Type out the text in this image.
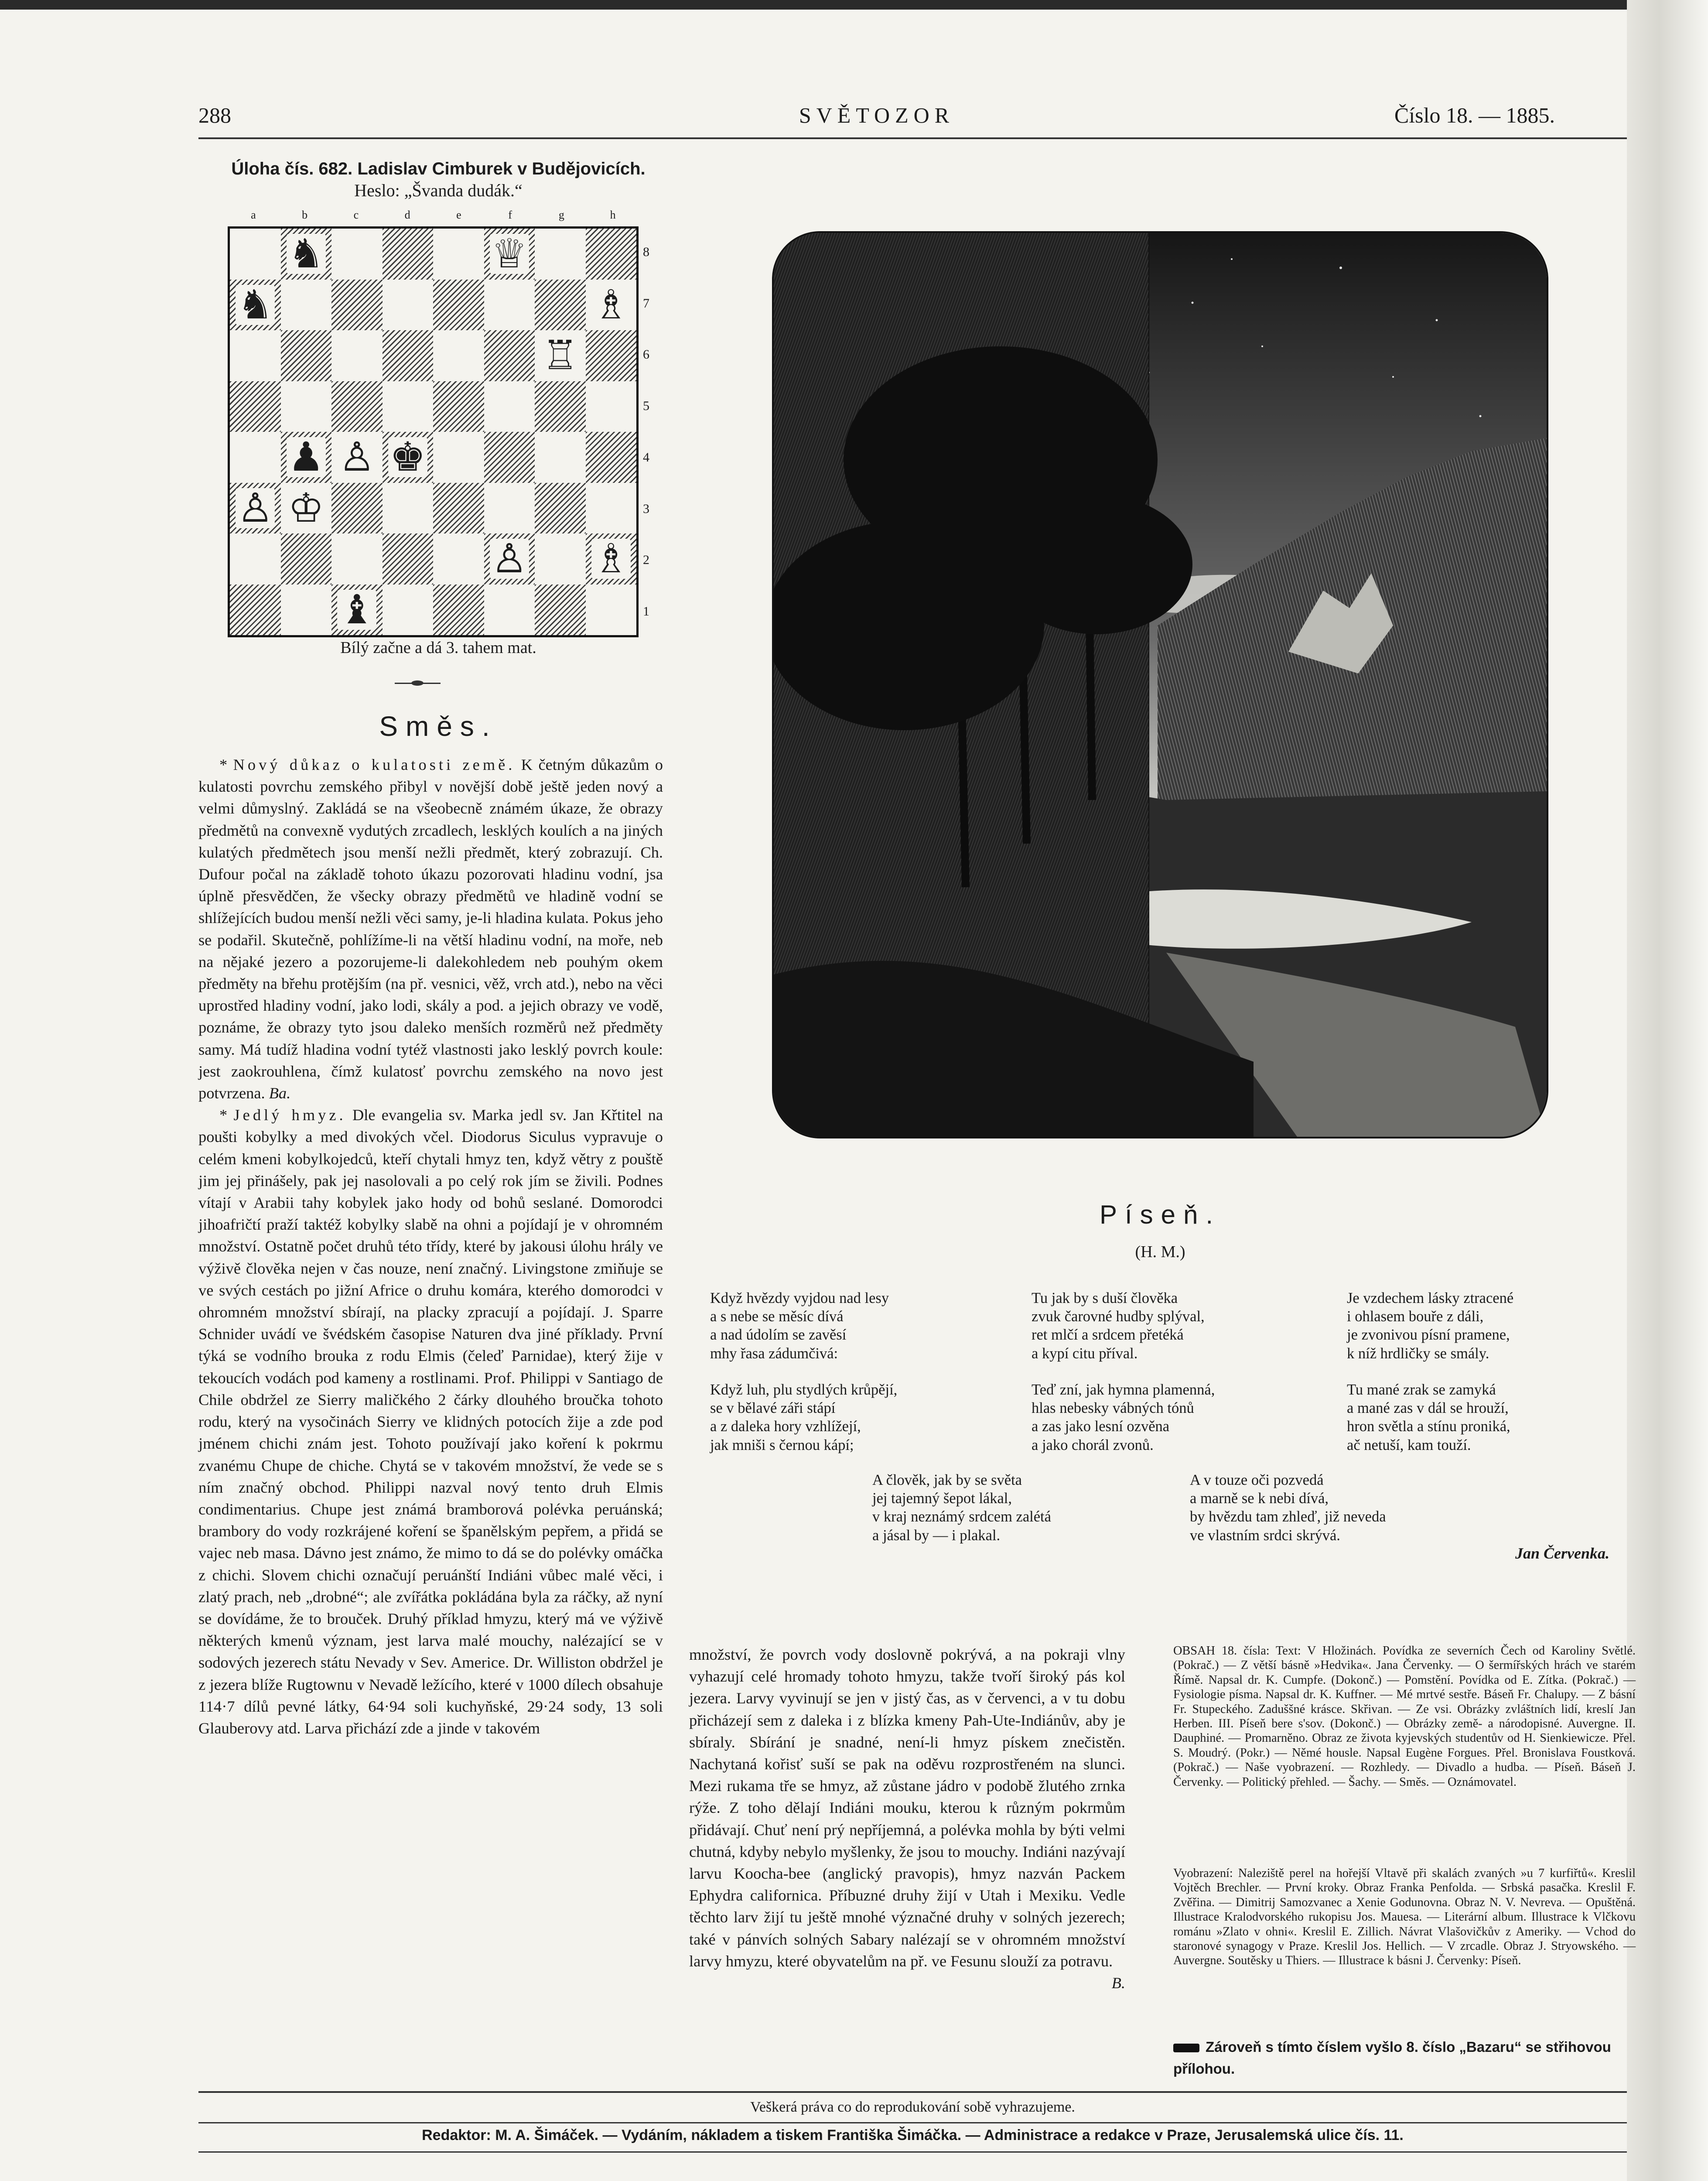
288	SVĚTOZOR	Číslo 18. — 1885.
Úloha čís. 682. Ladislav Cimburek v Budějovicích.
Heslo: „Švanda dudák.“
a	b	c	d	e	f	g	h
♞	♕
♞	♗
♖
♟ ♙ ♚
♙ ♔
♙ ♗
♝
8
7
6
5
4
3
2
1
Bílý začne a dá 3. tahem mat.
Směs.

* Nový důkaz o kulatosti země. K četným důkazům o kulatosti povrchu zemského přibyl v novější době ještě jeden nový a velmi důmyslný. Zakládá se na všeobecně známém úkaze, že obrazy předmětů na convexně vydutých zrcadlech, lesklých koulích a na jiných kulatých předmětech jsou menší nežli předmět, který zobrazují. Ch. Dufour počal na základě tohoto úkazu pozorovati hladinu vodní, jsa úplně přesvědčen, že všecky obrazy předmětů ve hladině vodní se shlížejících budou menší nežli věci samy, je-li hladina kulata. Pokus jeho se podařil. Skutečně, pohlížíme-li na větší hladinu vodní, na moře, neb na nějaké jezero a pozorujeme-li dalekohledem neb pouhým okem předměty na břehu protějším (na př. vesnici, věž, vrch atd.), nebo na věci uprostřed hladiny vodní, jako lodi, skály a pod. a jejich obrazy ve vodě, poznáme, že obrazy tyto jsou daleko menších rozměrů než předměty samy. Má tudíž hladina vodní tytéž vlastnosti jako lesklý povrch koule: jest zaokrouhlena, čímž kulatosť povrchu zemského na novo jest potvrzena. Ba.

* Jedlý hmyz. Dle evangelia sv. Marka jedl sv. Jan Křtitel na poušti kobylky a med divokých včel. Diodorus Siculus vypravuje o celém kmeni kobylkojedců, kteří chytali hmyz ten, když větry z pouště jim jej přinášely, pak jej nasolovali a po celý rok jím se živili. Podnes vítají v Arabii tahy kobylek jako hody od bohů seslané. Domorodci jihoafričtí praží taktéž kobylky slabě na ohni a pojídají je v ohromném množství. Ostatně počet druhů této třídy, které by jakousi úlohu hrály ve výživě člověka nejen v čas nouze, není značný. Livingstone zmiňuje se ve svých cestách po jižní Africe o druhu komára, kterého domorodci v ohromném množství sbírají, na placky zpracují a pojídají. J. Sparre Schnider uvádí ve švédském časopise Naturen dva jiné příklady. První týká se vodního brouka z rodu Elmis (čeleď Parnidae), který žije v tekoucích vodách pod kameny a rostlinami. Prof. Philippi v Santiago de Chile obdržel ze Sierry maličkého 2 čárky dlouhého broučka tohoto rodu, který na vysočinách Sierry ve klidných potocích žije a zde pod jménem chichi znám jest. Tohoto používají jako koření k pokrmu zvanému Chupe de chiche. Chytá se v takovém množství, že vede se s ním značný obchod. Philippi nazval nový tento druh Elmis condimentarius. Chupe jest známá bramborová polévka peruánská; brambory do vody rozkrájené koření se španělským pepřem, a přidá se vajec neb masa. Dávno jest známo, že mimo to dá se do polévky omáčka z chichi. Slovem chichi označují peruánští Indiáni vůbec malé věci, i zlatý prach, neb „drobné“; ale zvířátka pokládána byla za ráčky, až nyní se dovídáme, že to brouček. Druhý příklad hmyzu, který má ve výživě některých kmenů význam, jest larva malé mouchy, nalézající se v sodových jezerech státu Nevady v Sev. Americe. Dr. Williston obdržel je z jezera blíže Rugtownu v Nevadě ležícího, které v 1000 dílech obsahuje 114·7 dílů pevné látky, 64·94 soli kuchyňské, 29·24 sody, 13 soli Glauberovy atd. Larva přichází zde a jinde v takovém

množství, že povrch vody doslovně pokrývá, a na pokraji vlny vyhazují celé hromady tohoto hmyzu, takže tvoří široký pás kol jezera. Larvy vyvinují se jen v jistý čas, as v červenci, a v tu dobu přicházejí sem z daleka i z blízka kmeny Pah-Ute-Indiánův, aby je sbíraly. Sbírání je snadné, není-li hmyz pískem znečistěn. Nachytaná kořisť suší se pak na oděvu rozprostřeném na slunci. Mezi rukama tře se hmyz, až zůstane jádro v podobě žlutého zrnka rýže. Z toho dělají Indiáni mouku, kterou k různým pokrmům přidávají. Chuť není prý nepříjemná, a polévka mohla by býti velmi chutná, kdyby nebylo myšlenky, že jsou to mouchy. Indiáni nazývají larvu Koocha-bee (anglický pravopis), hmyz nazván Packem Ephydra californica. Příbuzné druhy žijí v Utah i Mexiku. Vedle těchto larv žijí tu ještě mnohé význačné druhy v solných jezerech; také v pánvích solných Sabary nalézají se v ohromném množství larvy hmyzu, které obyvatelům na př. ve Fesunu slouží za potravu.
B.

Píseň.
(H. M.)
Když hvězdy vyjdou nad lesy
a s nebe se měsíc dívá
a nad údolím se zavěsí
mhy řasa zádumčivá:
Tu jak by s duší člověka
zvuk čarovné hudby splýval,
ret mlčí a srdcem přetéká
a kypí citu příval.
Je vzdechem lásky ztracené
i ohlasem bouře z dáli,
je zvonivou písní pramene,
k níž hrdličky se smály.
Když luh, plu stydlých krůpějí,
se v bělavé záři stápí
a z daleka hory vzhlížejí,
jak mniši s černou kápí;
Teď zní, jak hymna plamenná,
hlas nebesky vábných tónů
a zas jako lesní ozvěna
a jako chorál zvonů.
Tu mané zrak se zamyká
a mané zas v dál se hrouží,
hron světla a stínu proniká,
ač netuší, kam touží.
A člověk, jak by se světa
jej tajemný šepot lákal,
v kraj neznámý srdcem zalétá
a jásal by — i plakal.
A v touze oči pozvedá
a marně se k nebi dívá,
by hvězdu tam zhleď, již neveda
ve vlastním srdci skrývá.
Jan Červenka.
OBSAH 18. čísla: Text: V Hložinách. Povídka ze severních Čech od Karoliny Světlé. (Pokrač.) — Z větší básně »Hedvika«. Jana Červenky. — O šermířských hrách ve starém Římě. Napsal dr. K. Cumpfe. (Dokonč.) — Pomstění. Povídka od E. Zítka. (Pokrač.) — Fysiologie písma. Napsal dr. K. Kuffner. — Mé mrtvé sestře. Báseň Fr. Chalupy. — Z básní Fr. Stupeckého. Zaduššné krásce. Skřivan. — Ze vsi. Obrázky zvláštních lidí, kreslí Jan Herben. III. Píseň bere s'sov. (Dokonč.) — Obrázky země- a národopisné. Auvergne. II. Dauphiné. — Promarněno. Obraz ze života kyjevských studentův od H. Sienkiewicze. Přel. S. Moudrý. (Pokr.) — Němé housle. Napsal Eugène Forgues. Přel. Bronislava Foustková. (Pokrač.) — Naše vyobrazení. — Rozhledy. — Divadlo a hudba. — Píseň. Báseň J. Červenky. — Politický přehled. — Šachy. — Směs. — Oznámovatel.
Vyobrazení: Naleziště perel na hořejší Vltavě při skalách zvaných »u 7 kurfiřtů«. Kreslil Vojtěch Brechler. — První kroky. Obraz Franka Penfolda. — Srbská pasačka. Kreslil F. Zvěřina. — Dimitrij Samozvanec a Xenie Godunovna. Obraz N. V. Nevreva. — Opuštěná. Illustrace Kralodvorského rukopisu Jos. Mauesa. — Literární album. Illustrace k Vlčkovu románu »Zlato v ohni«. Kreslil E. Zillich. Návrat Vlašovičkův z Ameriky. — Vchod do staronové synagogy v Praze. Kreslil Jos. Hellich. — V zrcadle. Obraz J. Stryowského. — Auvergne. Soutěsky u Thiers. — Illustrace k básni J. Červenky: Píseň.
Zároveň s tímto číslem vyšlo 8. číslo „Bazaru“ se střihovou přílohou.
Veškerá práva co do reprodukování sobě vyhrazujeme.
Redaktor: M. A. Šimáček. — Vydáním, nákladem a tiskem Františka Šimáčka. — Administrace a redakce v Praze, Jerusalemská ulice čís. 11.
